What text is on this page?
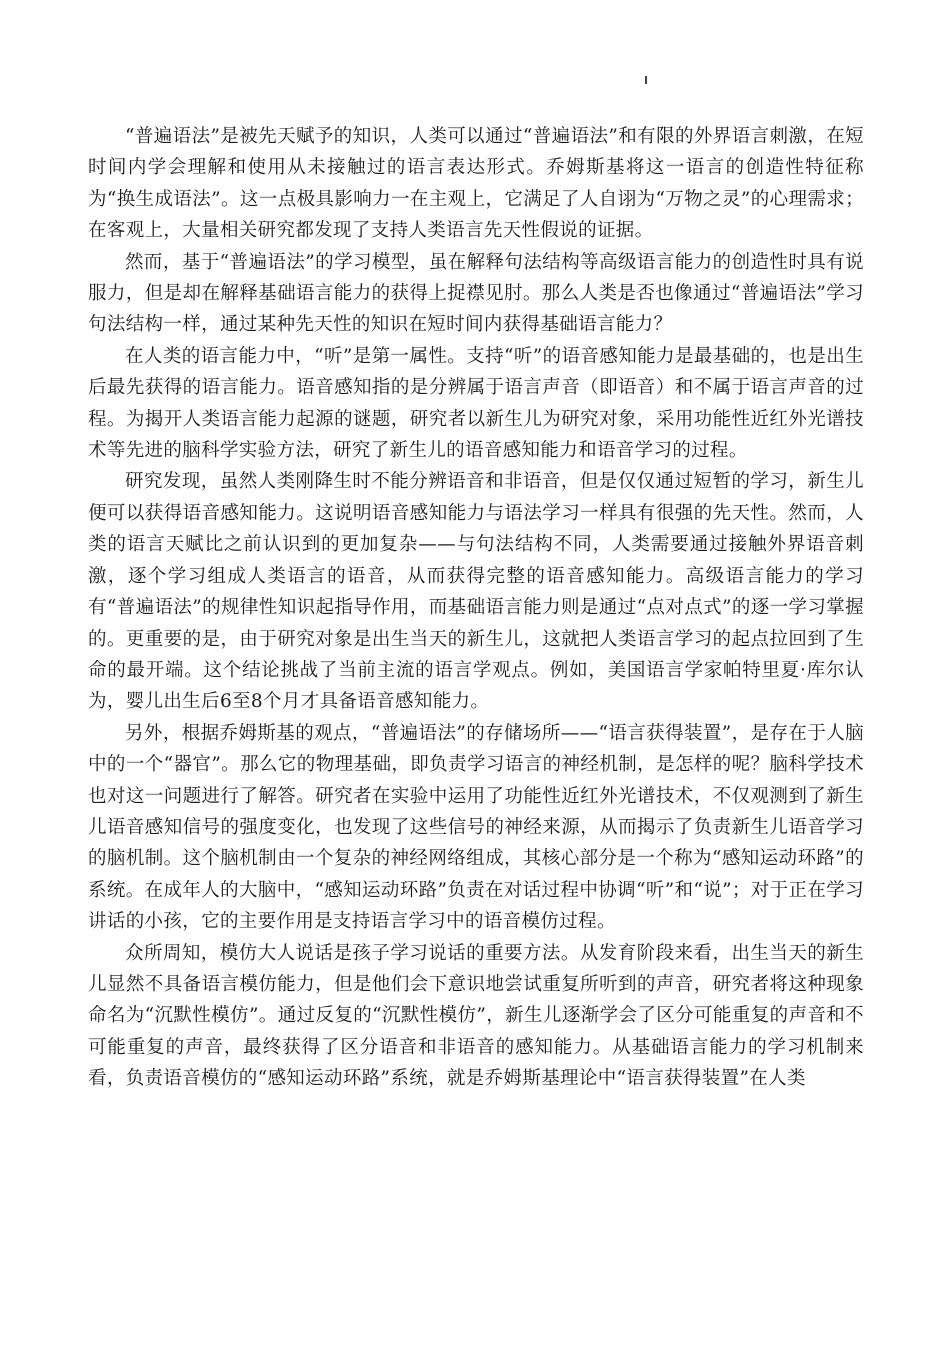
“普遍语法”是被先天赋予的知识，人类可以通过“普遍语法”和有限的外界语言刺激，在短时间内学会理解和使用从未接触过的语言表达形式。乔姆斯基将这一语言的创造性特征称为“换生成语法”。这一点极具影响力一在主观上，它满足了人自诩为“万物之灵”的心理需求；在客观上，大量相关研究都发现了支持人类语言先天性假说的证据。

然而，基于“普遍语法”的学习模型，虽在解释句法结构等高级语言能力的创造性时具有说服力，但是却在解释基础语言能力的获得上捉襟见肘。那么人类是否也像通过“普遍语法”学习句法结构一样，通过某种先天性的知识在短时间内获得基础语言能力？

在人类的语言能力中，“听”是第一属性。支持“听”的语音感知能力是最基础的，也是出生后最先获得的语言能力。语音感知指的是分辨属于语言声音（即语音）和不属于语言声音的过程。为揭开人类语言能力起源的谜题，研究者以新生儿为研究对象，采用功能性近红外光谱技术等先进的脑科学实验方法，研究了新生儿的语音感知能力和语音学习的过程。

研究发现，虽然人类刚降生时不能分辨语音和非语音，但是仅仅通过短暂的学习，新生儿便可以获得语音感知能力。这说明语音感知能力与语法学习一样具有很强的先天性。然而，人类的语言天赋比之前认识到的更加复杂——与句法结构不同，人类需要通过接触外界语音刺激，逐个学习组成人类语言的语音，从而获得完整的语音感知能力。高级语言能力的学习有“普遍语法”的规律性知识起指导作用，而基础语言能力则是通过“点对点式”的逐一学习掌握的。更重要的是，由于研究对象是出生当天的新生儿，这就把人类语言学习的起点拉回到了生命的最开端。这个结论挑战了当前主流的语言学观点。例如，美国语言学家帕特里夏·库尔认为，婴儿出生后6至8个月才具备语音感知能力。

另外，根据乔姆斯基的观点，“普遍语法”的存储场所——“语言获得装置”，是存在于人脑中的一个“器官”。那么它的物理基础，即负责学习语言的神经机制，是怎样的呢？脑科学技术也对这一问题进行了解答。研究者在实验中运用了功能性近红外光谱技术，不仅观测到了新生儿语音感知信号的强度变化，也发现了这些信号的神经来源，从而揭示了负责新生儿语音学习的脑机制。这个脑机制由一个复杂的神经网络组成，其核心部分是一个称为“感知运动环路”的系统。在成年人的大脑中，“感知运动环路”负责在对话过程中协调“听”和“说”；对于正在学习讲话的小孩，它的主要作用是支持语言学习中的语音模仿过程。

众所周知，模仿大人说话是孩子学习说话的重要方法。从发育阶段来看，出生当天的新生儿显然不具备语言模仿能力，但是他们会下意识地尝试重复所听到的声音，研究者将这种现象命名为“沉默性模仿”。通过反复的“沉默性模仿”，新生儿逐渐学会了区分可能重复的声音和不可能重复的声音，最终获得了区分语音和非语音的感知能力。从基础语言能力的学习机制来看，负责语音模仿的“感知运动环路”系统，就是乔姆斯基理论中“语言获得装置”在人类
